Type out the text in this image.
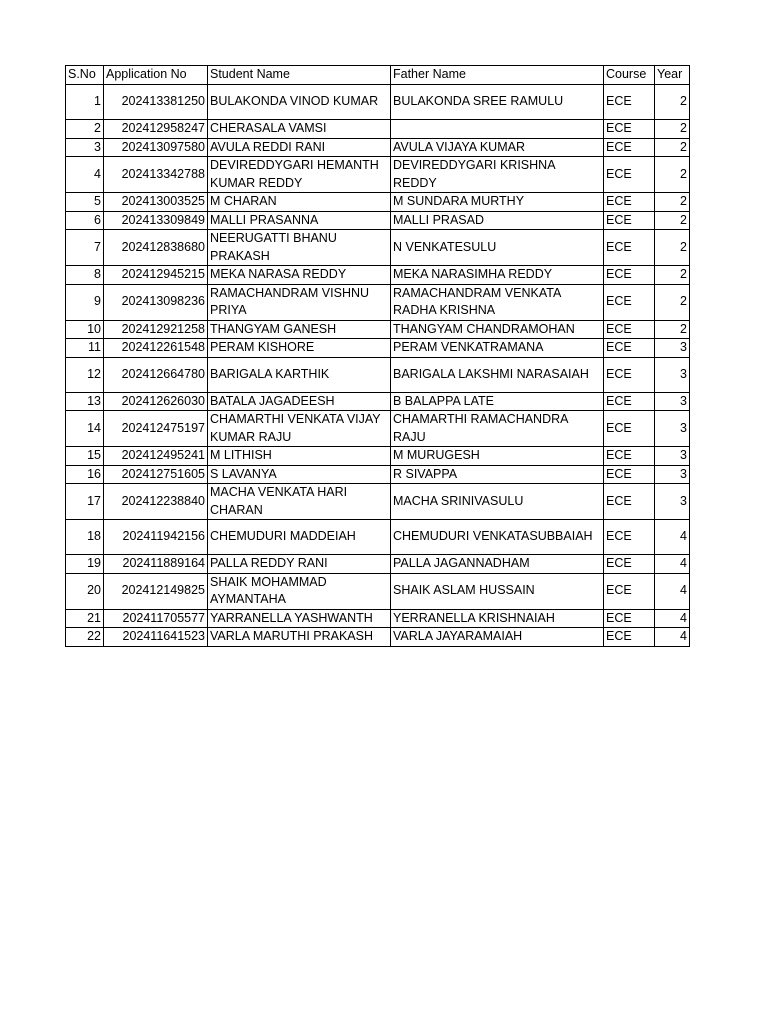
S.No	Application No	Student Name	Father Name	Course	Year
1	202413381250	BULAKONDA VINOD KUMAR	BULAKONDA SREE RAMULU	ECE	2
2	202412958247	CHERASALA VAMSI		ECE	2
3	202413097580	AVULA REDDI RANI	AVULA VIJAYA KUMAR	ECE	2
4	202413342788	DEVIREDDYGARI HEMANTH KUMAR REDDY	DEVIREDDYGARI KRISHNA REDDY	ECE	2
5	202413003525	M CHARAN	M SUNDARA MURTHY	ECE	2
6	202413309849	MALLI PRASANNA	MALLI PRASAD	ECE	2
7	202412838680	NEERUGATTI BHANU PRAKASH	N VENKATESULU	ECE	2
8	202412945215	MEKA NARASA REDDY	MEKA NARASIMHA REDDY	ECE	2
9	202413098236	RAMACHANDRAM VISHNU PRIYA	RAMACHANDRAM VENKATA RADHA KRISHNA	ECE	2
10	202412921258	THANGYAM GANESH	THANGYAM CHANDRAMOHAN	ECE	2
11	202412261548	PERAM KISHORE	PERAM VENKATRAMANA	ECE	3
12	202412664780	BARIGALA KARTHIK	BARIGALA LAKSHMI NARASAIAH	ECE	3
13	202412626030	BATALA JAGADEESH	B BALAPPA LATE	ECE	3
14	202412475197	CHAMARTHI VENKATA VIJAY KUMAR RAJU	CHAMARTHI RAMACHANDRA RAJU	ECE	3
15	202412495241	M LITHISH	M MURUGESH	ECE	3
16	202412751605	S LAVANYA	R SIVAPPA	ECE	3
17	202412238840	MACHA VENKATA HARI CHARAN	MACHA SRINIVASULU	ECE	3
18	202411942156	CHEMUDURI MADDEIAH	CHEMUDURI VENKATASUBBAIAH	ECE	4
19	202411889164	PALLA REDDY RANI	PALLA JAGANNADHAM	ECE	4
20	202412149825	SHAIK MOHAMMAD AYMANTAHA	SHAIK ASLAM HUSSAIN	ECE	4
21	202411705577	YARRANELLA YASHWANTH	YERRANELLA KRISHNAIAH	ECE	4
22	202411641523	VARLA MARUTHI PRAKASH	VARLA JAYARAMAIAH	ECE	4
